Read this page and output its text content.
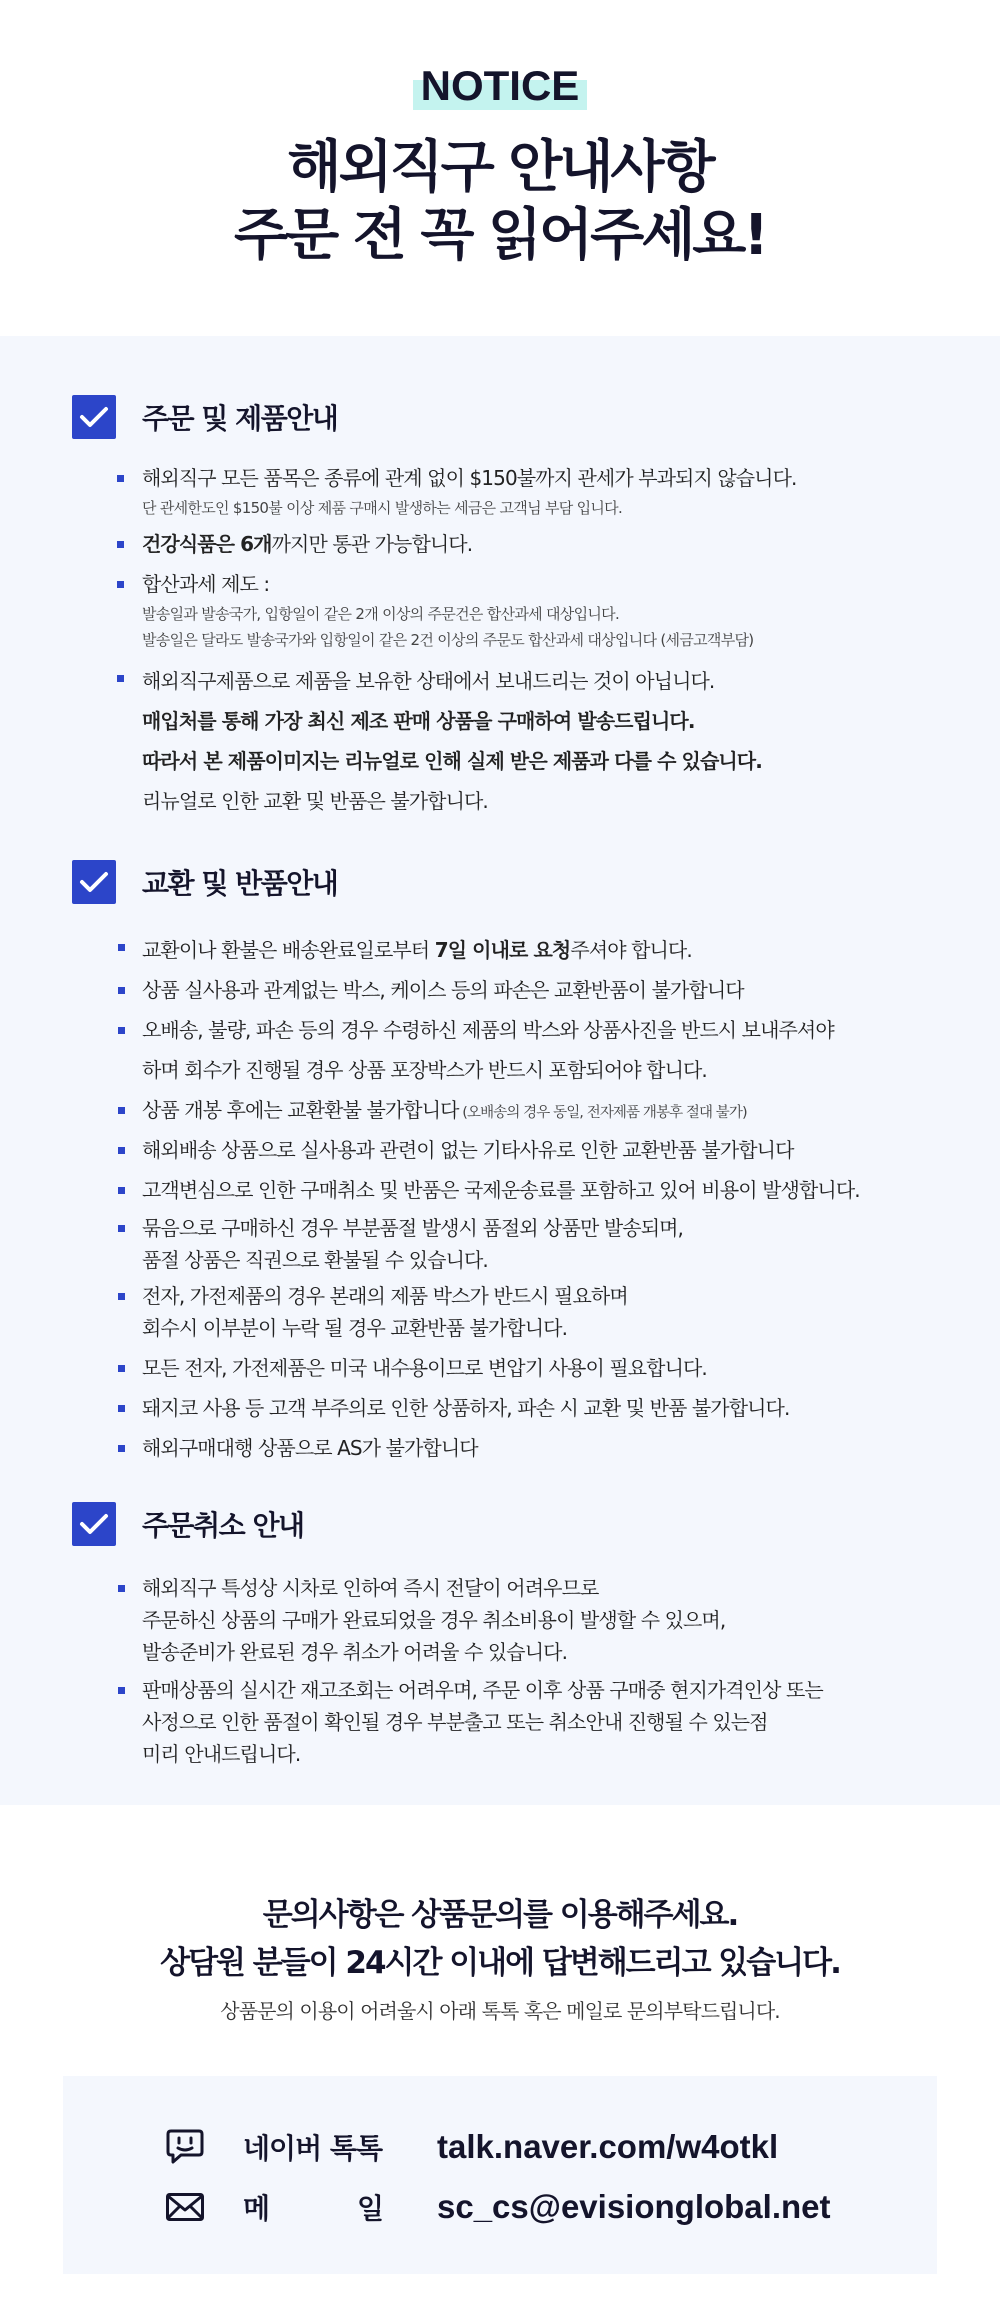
NOTICE
해외직구 안내사항
주문 전 꼭 읽어주세요!
주문 및 제품안내
해외직구 모든 품목은 종류에 관계 없이 $150불까지 관세가 부과되지 않습니다.
단 관세한도인 $150불 이상 제품 구매시 발생하는 세금은 고객님 부담 입니다.
건강식품은 6개까지만 통관 가능합니다.
합산과세 제도 :
발송일과 발송국가, 입항일이 같은 2개 이상의 주문건은 합산과세 대상입니다.
발송일은 달라도 발송국가와 입항일이 같은 2건 이상의 주문도 합산과세 대상입니다 (세금고객부담)
해외직구제품으로 제품을 보유한 상태에서 보내드리는 것이 아닙니다.
매입처를 통해 가장 최신 제조 판매 상품을 구매하여 발송드립니다.
따라서 본 제품이미지는 리뉴얼로 인해 실제 받은 제품과 다를 수 있습니다.
리뉴얼로 인한 교환 및 반품은 불가합니다.
교환 및 반품안내
교환이나 환불은 배송완료일로부터 7일 이내로 요청주셔야 합니다.
상품 실사용과 관계없는 박스, 케이스 등의 파손은 교환반품이 불가합니다
오배송, 불량, 파손 등의 경우 수령하신 제품의 박스와 상품사진을 반드시 보내주셔야
하며 회수가 진행될 경우 상품 포장박스가 반드시 포함되어야 합니다.
상품 개봉 후에는 교환환불 불가합니다 (오배송의 경우 동일, 전자제품 개봉후 절대 불가)
해외배송 상품으로 실사용과 관련이 없는 기타사유로 인한 교환반품 불가합니다
고객변심으로 인한 구매취소 및 반품은 국제운송료를 포함하고 있어 비용이 발생합니다.
묶음으로 구매하신 경우 부분품절 발생시 품절외 상품만 발송되며,
품절 상품은 직권으로 환불될 수 있습니다.
전자, 가전제품의 경우 본래의 제품 박스가 반드시 필요하며
회수시 이부분이 누락 될 경우 교환반품 불가합니다.
모든 전자, 가전제품은 미국 내수용이므로 변압기 사용이 필요합니다.
돼지코 사용 등 고객 부주의로 인한 상품하자, 파손 시 교환 및 반품 불가합니다.
해외구매대행 상품으로 AS가 불가합니다
주문취소 안내
해외직구 특성상 시차로 인하여 즉시 전달이 어려우므로
주문하신 상품의 구매가 완료되었을 경우 취소비용이 발생할 수 있으며,
발송준비가 완료된 경우 취소가 어려울 수 있습니다.
판매상품의 실시간 재고조회는 어려우며, 주문 이후 상품 구매중 현지가격인상 또는
사정으로 인한 품절이 확인될 경우 부분출고 또는 취소안내 진행될 수 있는점
미리 안내드립니다.
문의사항은 상품문의를 이용해주세요.
상담원 분들이 24시간 이내에 답변해드리고 있습니다.
상품문의 이용이 어려울시 아래 톡톡 혹은 메일로 문의부탁드립니다.
네이버 톡톡	talk.naver.com/w4otkl
메	일 sc_cs@evisionglobal.net
